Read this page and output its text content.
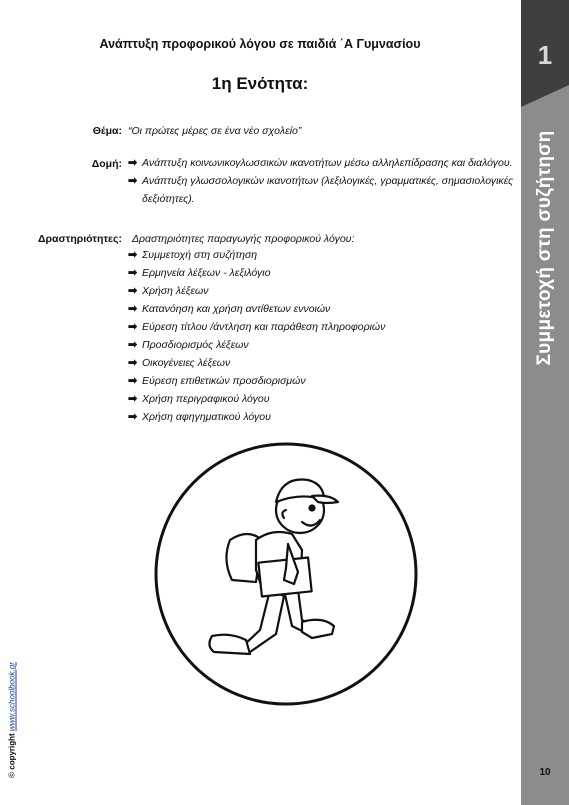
Ανάπτυξη προφορικού λόγου σε παιδιά ΄Α Γυμνασίου
1η Ενότητα:
Θέμα: “Οι πρώτες μέρες σε ένα νέο σχολείο”
Δομή: ➡ Ανάπτυξη κοινωνικογλωσσικών ικανοτήτων μέσω αλληλεπίδρασης και διαλόγου.
➡ Ανάπτυξη γλωσσολογικών ικανοτήτων (λεξιλογικές, γραμματικές, σημασιολογικές
δεξιότητες).
Δραστηριότητες: Δραστηριότητες παραγωγής προφορικού λόγου:
➡ Συμμετοχή στη συζήτηση
➡ Ερμηνεία λέξεων - λεξιλόγιο
➡ Χρήση λέξεων
➡ Κατανόηση και χρήση αντίθετων εννοιών
➡ Εύρεση τίτλου /άντληση και παράθεση πληροφοριών
➡ Προσδιορισμός λέξεων
➡ Οικογένειες λέξεων
➡ Εύρεση επιθετικών προσδιορισμών
➡ Χρήση περιγραφικού λόγου
➡ Χρήση αφηγηματικού λόγου
1
Συμμετοχή στη συζήτηση
10
© copyright www.schoolbook.gr
